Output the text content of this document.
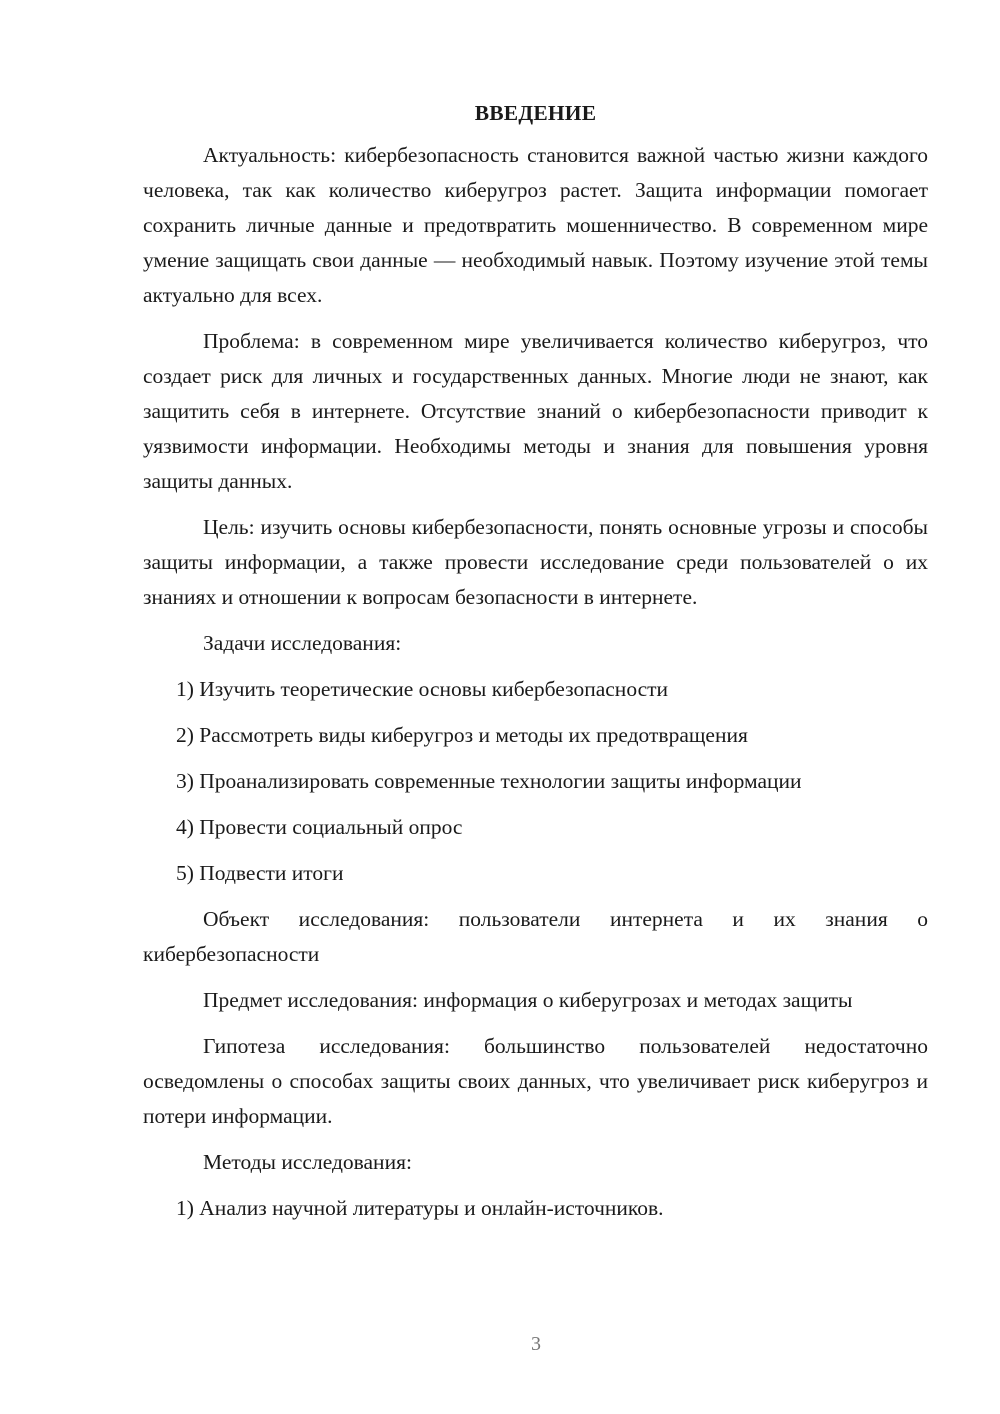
ВВЕДЕНИЕ

Актуальность: кибербезопасность становится важной частью жизни каждого человека, так как количество киберугроз растет. Защита информации помогает сохранить личные данные и предотвратить мошенничество. В современном мире умение защищать свои данные — необходимый навык. Поэтому изучение этой темы актуально для всех.

Проблема: в современном мире увеличивается количество киберугроз, что создает риск для личных и государственных данных. Многие люди не знают, как защитить себя в интернете. Отсутствие знаний о кибербезопасности приводит к уязвимости информации. Необходимы методы и знания для повышения уровня защиты данных.

Цель: изучить основы кибербезопасности, понять основные угрозы и способы защиты информации, а также провести исследование среди пользователей о их знаниях и отношении к вопросам безопасности в интернете.

Задачи исследования:

1) Изучить теоретические основы кибербезопасности
2) Рассмотреть виды киберугроз и методы их предотвращения
3) Проанализировать современные технологии защиты информации
4) Провести социальный опрос
5) Подвести итоги

Объект исследования: пользователи интернета и их знания о кибербезопасности

Предмет исследования: информация о киберугрозах и методах защиты

Гипотеза исследования: большинство пользователей недостаточно осведомлены о способах защиты своих данных, что увеличивает риск киберугроз и потери информации.

Методы исследования:

1) Анализ научной литературы и онлайн-источников.
3
